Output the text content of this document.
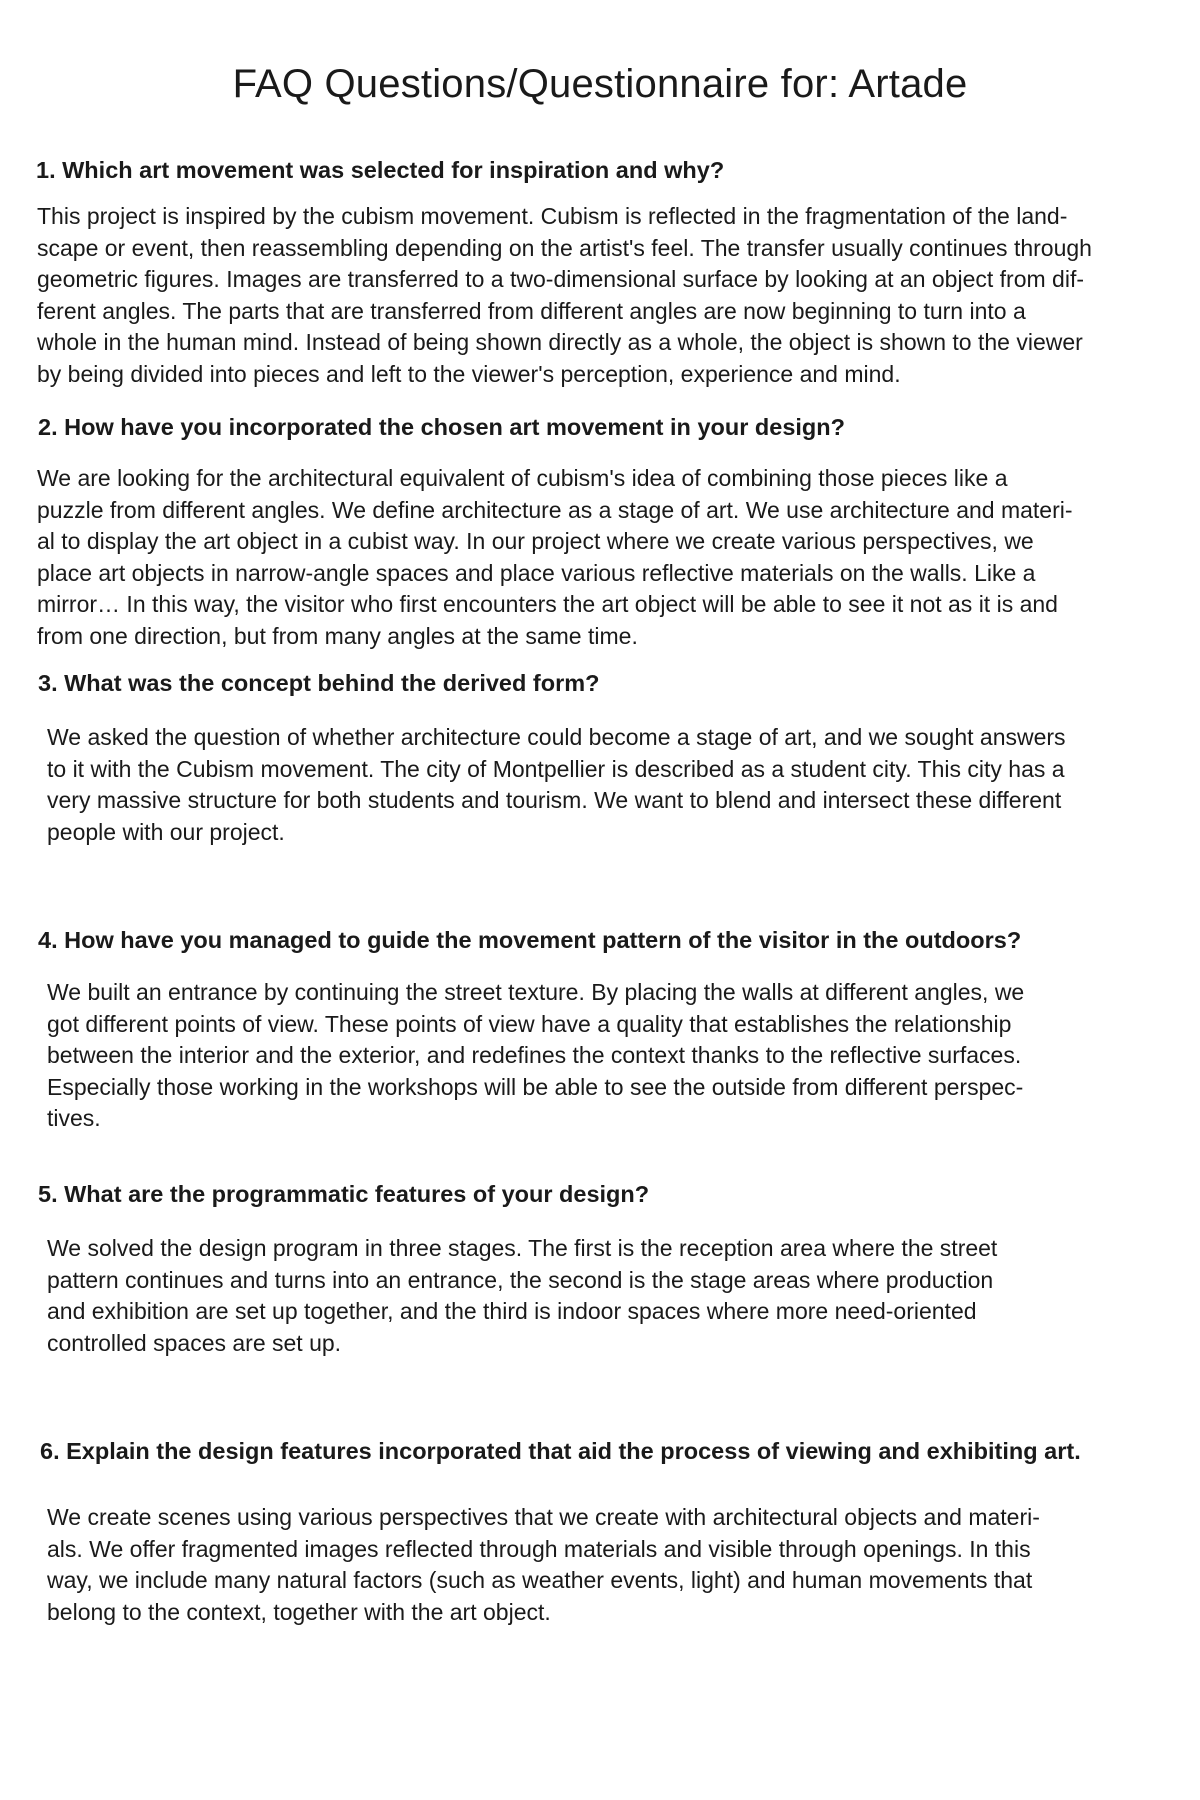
FAQ Questions/Questionnaire for: Artade
1. Which art movement was selected for inspiration and why?
This project is inspired by the cubism movement. Cubism is reflected in the fragmentation of the land-
scape or event, then reassembling depending on the artist's feel. The transfer usually continues through
geometric figures. Images are transferred to a two-dimensional surface by looking at an object from dif-
ferent angles. The parts that are transferred from different angles are now beginning to turn into a
whole in the human mind. Instead of being shown directly as a whole, the object is shown to the viewer
by being divided into pieces and left to the viewer's perception, experience and mind.
2. How have you incorporated the chosen art movement in your design?
We are looking for the architectural equivalent of cubism's idea of combining those pieces like a
puzzle from different angles. We define architecture as a stage of art. We use architecture and materi-
al to display the art object in a cubist way. In our project where we create various perspectives, we
place art objects in narrow-angle spaces and place various reflective materials on the walls. Like a
mirror… In this way, the visitor who first encounters the art object will be able to see it not as it is and
from one direction, but from many angles at the same time.
3. What was the concept behind the derived form?
We asked the question of whether architecture could become a stage of art, and we sought answers
to it with the Cubism movement. The city of Montpellier is described as a student city. This city has a
very massive structure for both students and tourism. We want to blend and intersect these different
people with our project.
4. How have you managed to guide the movement pattern of the visitor in the outdoors?
We built an entrance by continuing the street texture. By placing the walls at different angles, we
got different points of view. These points of view have a quality that establishes the relationship
between the interior and the exterior, and redefines the context thanks to the reflective surfaces.
Especially those working in the workshops will be able to see the outside from different perspec-
tives.
5. What are the programmatic features of your design?
We solved the design program in three stages. The first is the reception area where the street
pattern continues and turns into an entrance, the second is the stage areas where production
and exhibition are set up together, and the third is indoor spaces where more need-oriented
controlled spaces are set up.
6. Explain the design features incorporated that aid the process of viewing and exhibiting art.
We create scenes using various perspectives that we create with architectural objects and materi-
als. We offer fragmented images reflected through materials and visible through openings. In this
way, we include many natural factors (such as weather events, light) and human movements that
belong to the context, together with the art object.
